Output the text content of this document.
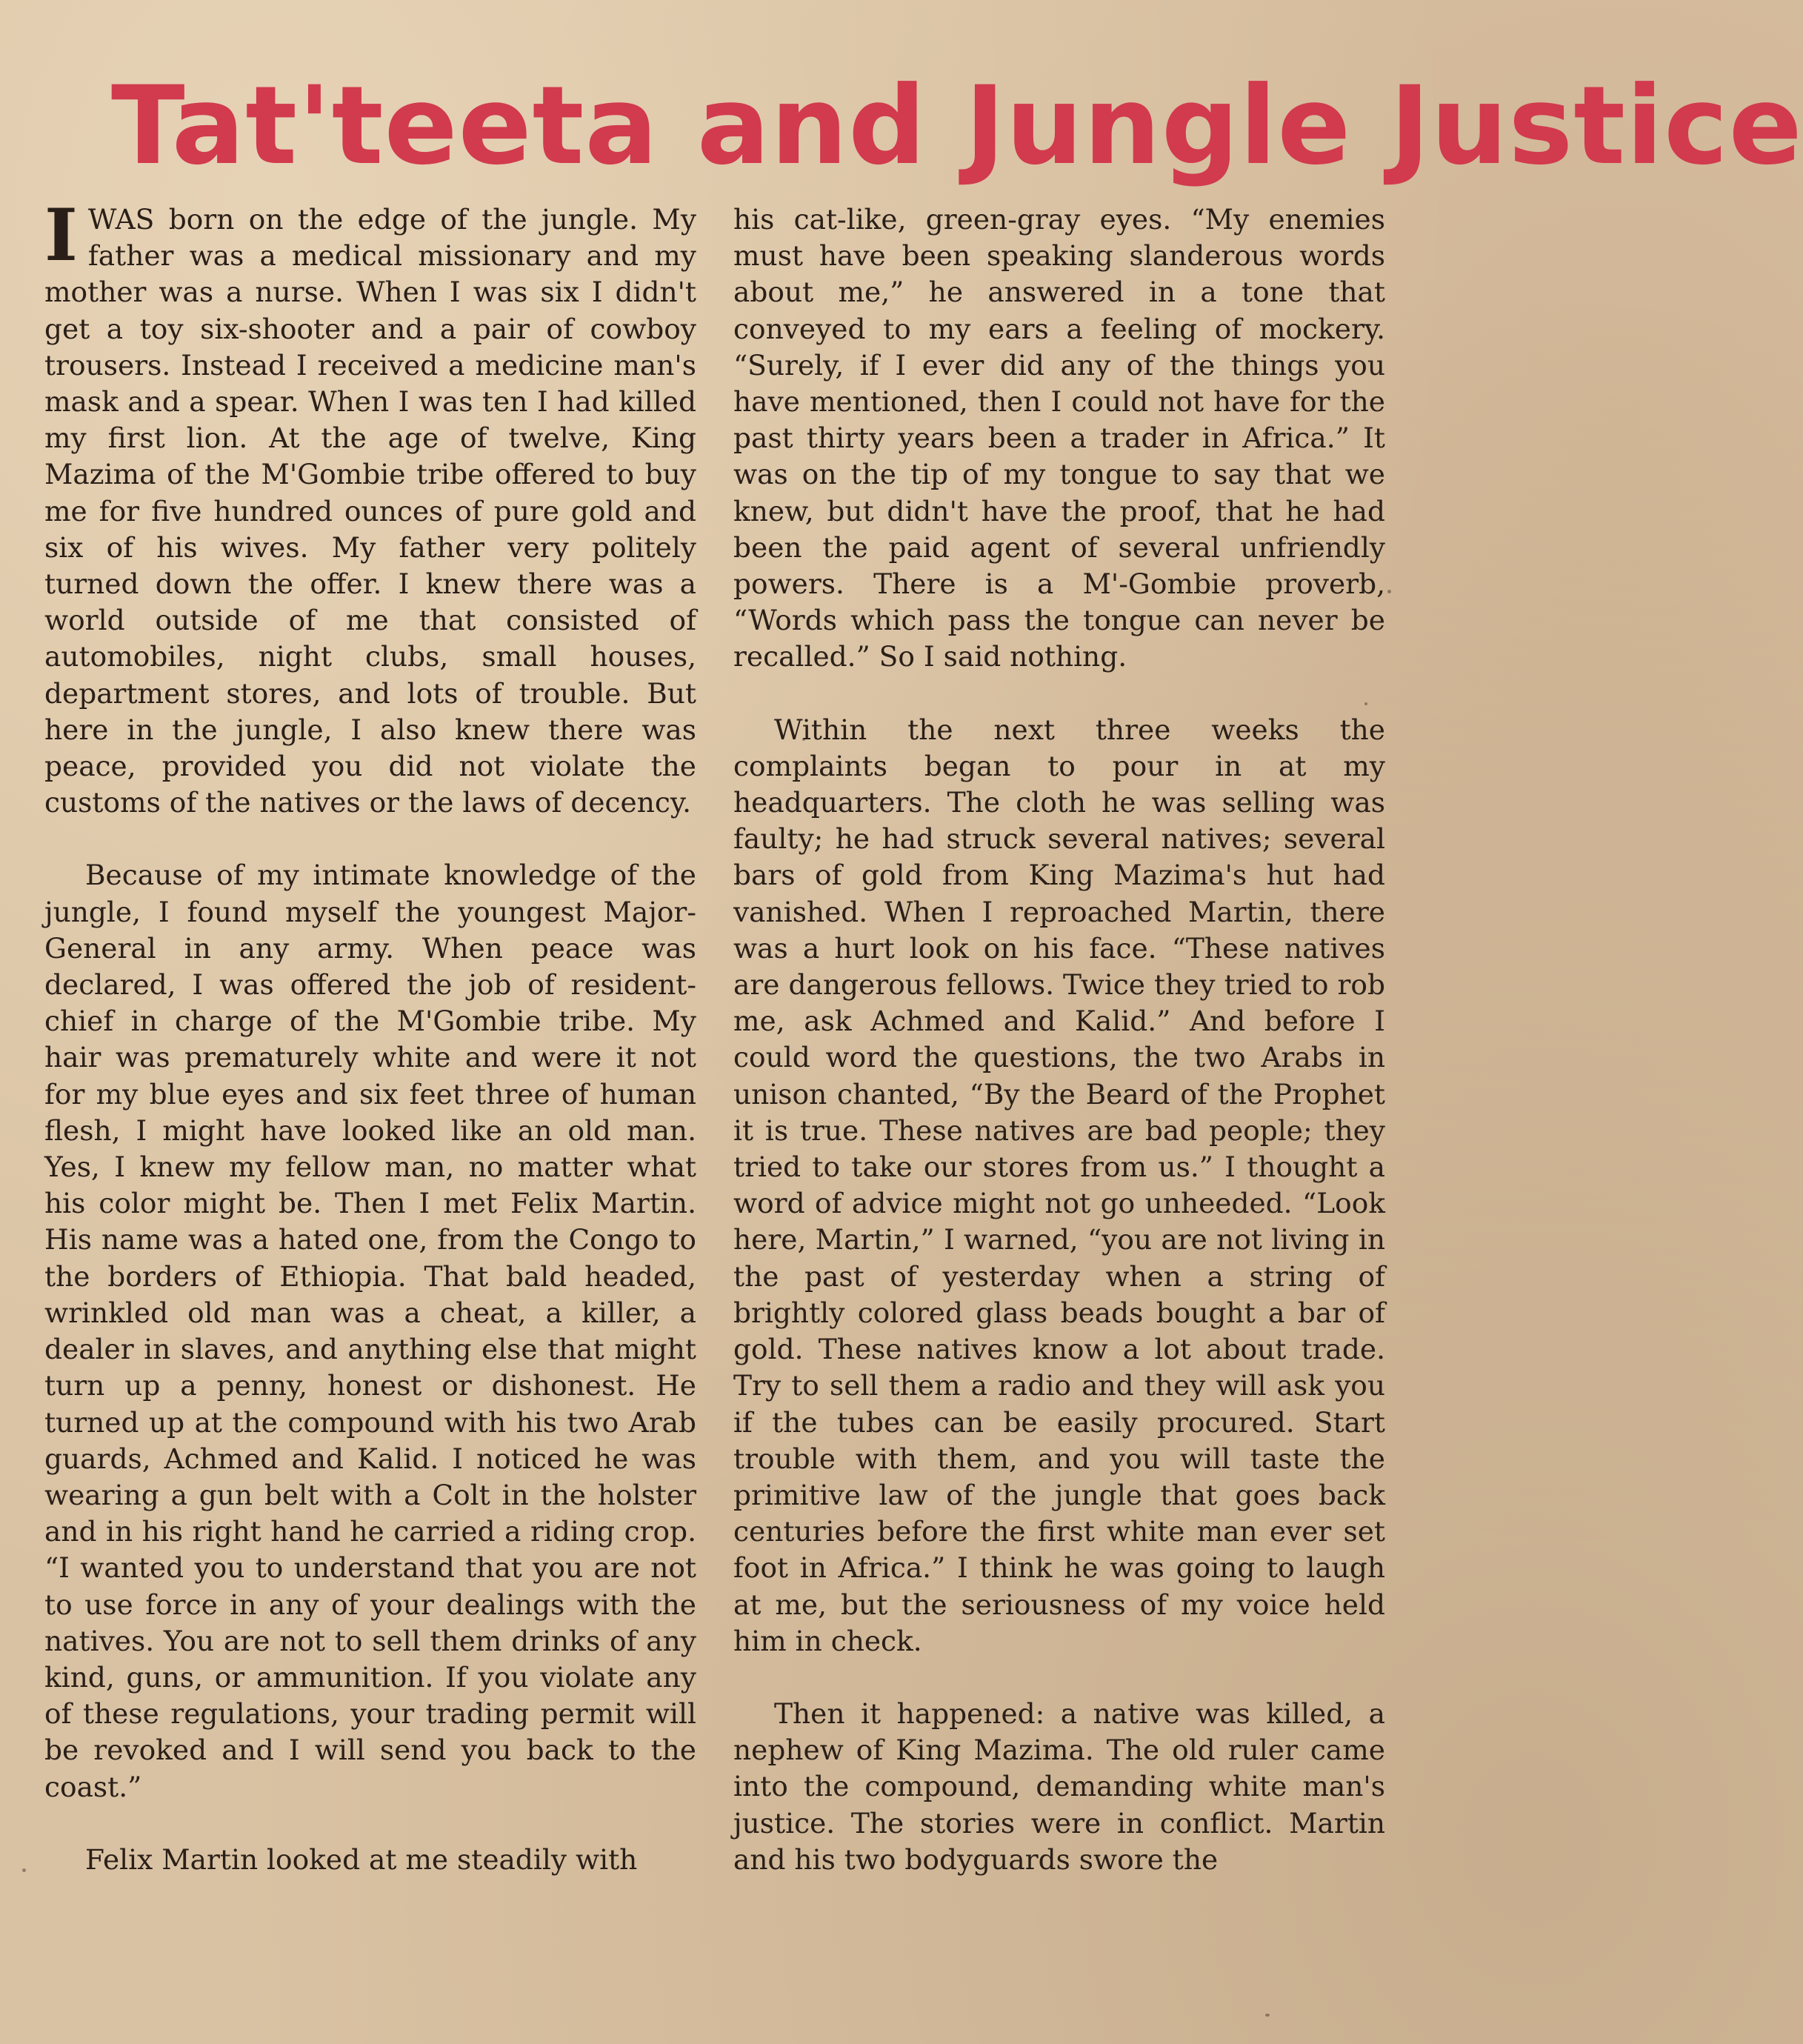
Tat'teeta and Jungle Justice

IWAS born on the edge of the jungle. My father was a medical missionary and my mother was a nurse. When I was six I didn't get a toy six-shooter and a pair of cowboy trousers. Instead I received a medicine man's mask and a spear. When I was ten I had killed my first lion. At the age of twelve, King Mazima of the M'Gombie tribe offered to buy me for five hundred ounces of pure gold and six of his wives. My father very politely turned down the offer. I knew there was a world outside of me that consisted of automobiles, night clubs, small houses, department stores, and lots of trouble. But here in the jungle, I also knew there was peace, provided you did not violate the customs of the natives or the laws of decency.

Because of my intimate knowledge of the jungle, I found myself the youngest Major-General in any army. When peace was declared, I was offered the job of resident-chief in charge of the M'Gombie tribe. My hair was prematurely white and were it not for my blue eyes and six feet three of human flesh, I might have looked like an old man. Yes, I knew my fellow man, no matter what his color might be. Then I met Felix Martin. His name was a hated one, from the Congo to the borders of Ethiopia. That bald headed, wrinkled old man was a cheat, a killer, a dealer in slaves, and anything else that might turn up a penny, honest or dishonest. He turned up at the compound with his two Arab guards, Achmed and Kalid. I noticed he was wearing a gun belt with a Colt in the holster and in his right hand he carried a riding crop. “I wanted you to understand that you are not to use force in any of your dealings with the natives. You are not to sell them drinks of any kind, guns, or ammunition. If you violate any of these regulations, your trading permit will be revoked and I will send you back to the coast.”

Felix Martin looked at me steadily with

his cat-like, green-gray eyes. “My enemies must have been speaking slanderous words about me,” he answered in a tone that conveyed to my ears a feeling of mockery. “Surely, if I ever did any of the things you have mentioned, then I could not have for the past thirty years been a trader in Africa.” It was on the tip of my tongue to say that we knew, but didn't have the proof, that he had been the paid agent of several unfriendly powers. There is a M'-Gombie proverb, “Words which pass the tongue can never be recalled.” So I said nothing.

Within the next three weeks the complaints began to pour in at my headquarters. The cloth he was selling was faulty; he had struck several natives; several bars of gold from King Mazima's hut had vanished. When I reproached Martin, there was a hurt look on his face. “These natives are dangerous fellows. Twice they tried to rob me, ask Achmed and Kalid.” And before I could word the questions, the two Arabs in unison chanted, “By the Beard of the Prophet it is true. These natives are bad people; they tried to take our stores from us.” I thought a word of advice might not go unheeded. “Look here, Martin,” I warned, “you are not living in the past of yesterday when a string of brightly colored glass beads bought a bar of gold. These natives know a lot about trade. Try to sell them a radio and they will ask you if the tubes can be easily procured. Start trouble with them, and you will taste the primitive law of the jungle that goes back centuries before the first white man ever set foot in Africa.” I think he was going to laugh at me, but the seriousness of my voice held him in check.

Then it happened: a native was killed, a nephew of King Mazima. The old ruler came into the compound, demanding white man's justice. The stories were in conflict. Martin and his two bodyguards swore the
